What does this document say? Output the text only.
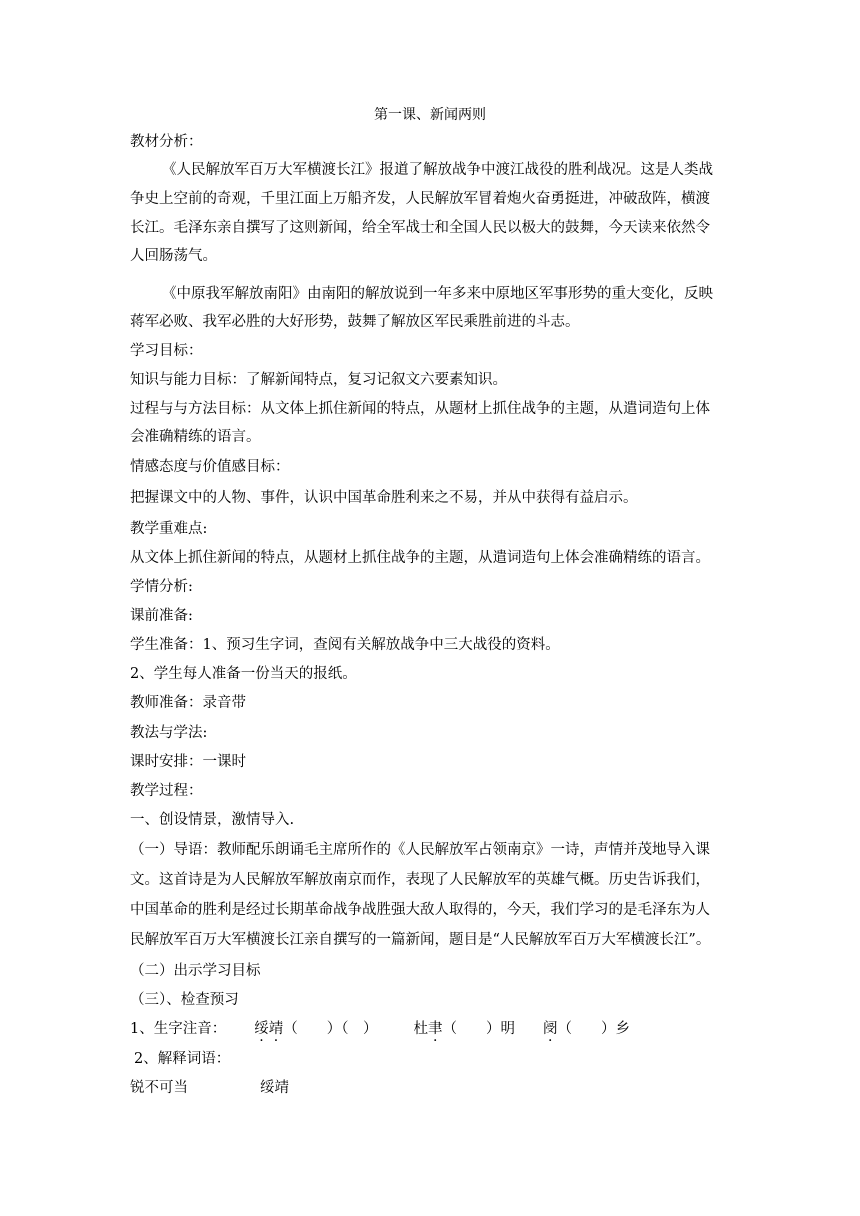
第一课、新闻两则
教材分析：
《人民解放军百万大军横渡长江》报道了解放战争中渡江战役的胜利战况。这是人类战
争史上空前的奇观，千里江面上万船齐发，人民解放军冒着炮火奋勇挺进，冲破敌阵，横渡
长江。毛泽东亲自撰写了这则新闻，给全军战士和全国人民以极大的鼓舞，今天读来依然令
人回肠荡气。
《中原我军解放南阳》由南阳的解放说到一年多来中原地区军事形势的重大变化，反映
蒋军必败、我军必胜的大好形势，鼓舞了解放区军民乘胜前进的斗志。
学习目标：
知识与能力目标：了解新闻特点，复习记叙文六要素知识。
过程与与方法目标：从文体上抓住新闻的特点，从题材上抓住战争的主题，从遣词造句上体
会准确精练的语言。
情感态度与价值感目标：
把握课文中的人物、事件，认识中国革命胜利来之不易，并从中获得有益启示。
教学重难点:
从文体上抓住新闻的特点，从题材上抓住战争的主题，从遣词造句上体会准确精练的语言。
学情分析:
课前准备:
学生准备：1、预习生字词，查阅有关解放战争中三大战役的资料。
2、学生每人准备一份当天的报纸。
教师准备：录音带
教法与学法:
课时安排：一课时
教学过程：
一、创设情景，激情导入.
（一）导语：教师配乐朗诵毛主席所作的《人民解放军占领南京》一诗，声情并茂地导入课
文。这首诗是为人民解放军解放南京而作，表现了人民解放军的英雄气概。历史告诉我们，
中国革命的胜利是经过长期革命战争战胜强大敌人取得的，今天，我们学习的是毛泽东为人
民解放军百万大军横渡长江亲自撰写的一篇新闻，题目是“人民解放军百万大军横渡长江”。
（二）出示学习目标
（三）、检查预习
1、生字注音： 绥靖（　　）（　） 杜聿（　　）明 阌（　　）乡
2、解释词语：
锐不可当	绥靖
